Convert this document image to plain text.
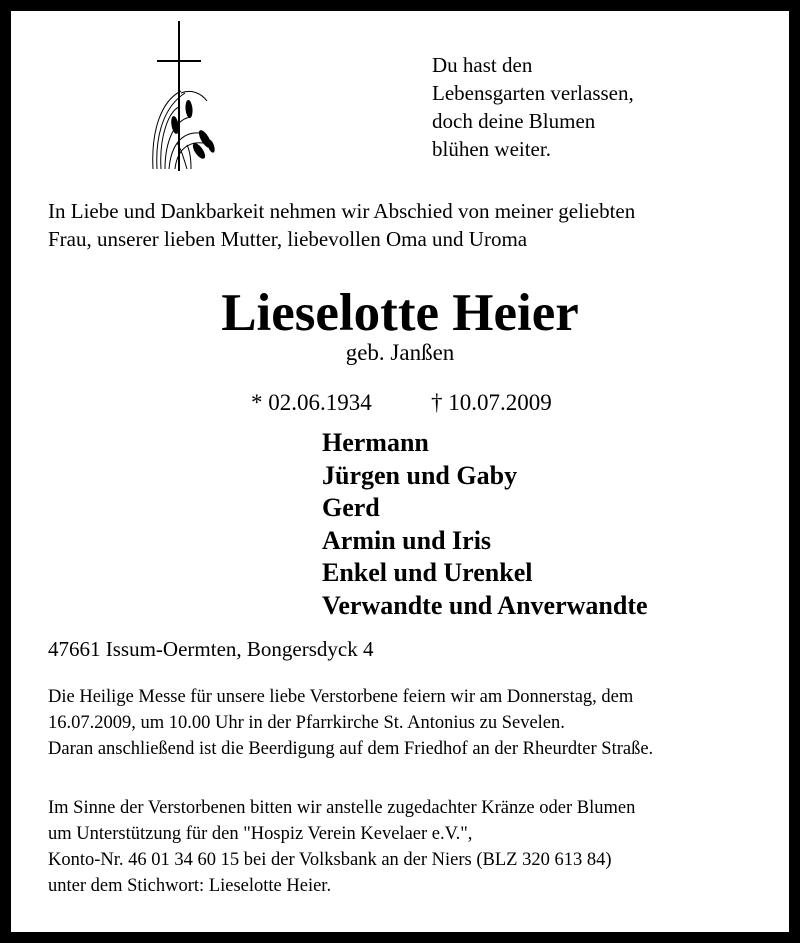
Du hast den
Lebensgarten verlassen,
doch deine Blumen
blühen weiter.
In Liebe und Dankbarkeit nehmen wir Abschied von meiner geliebten
Frau, unserer lieben Mutter, liebevollen Oma und Uroma
Lieselotte Heier
geb. Janßen
* 02.06.1934	† 10.07.2009
Hermann
Jürgen und Gaby
Gerd
Armin und Iris
Enkel und Urenkel
Verwandte und Anverwandte
47661 Issum-Oermten, Bongersdyck 4
Die Heilige Messe für unsere liebe Verstorbene feiern wir am Donnerstag, dem
16.07.2009, um 10.00 Uhr in der Pfarrkirche St. Antonius zu Sevelen.
Daran anschließend ist die Beerdigung auf dem Friedhof an der Rheurdter Straße.
Im Sinne der Verstorbenen bitten wir anstelle zugedachter Kränze oder Blumen
um Unterstützung für den "Hospiz Verein Kevelaer e.V.",
Konto-Nr. 46 01 34 60 15 bei der Volksbank an der Niers (BLZ 320 613 84)
unter dem Stichwort: Lieselotte Heier.
